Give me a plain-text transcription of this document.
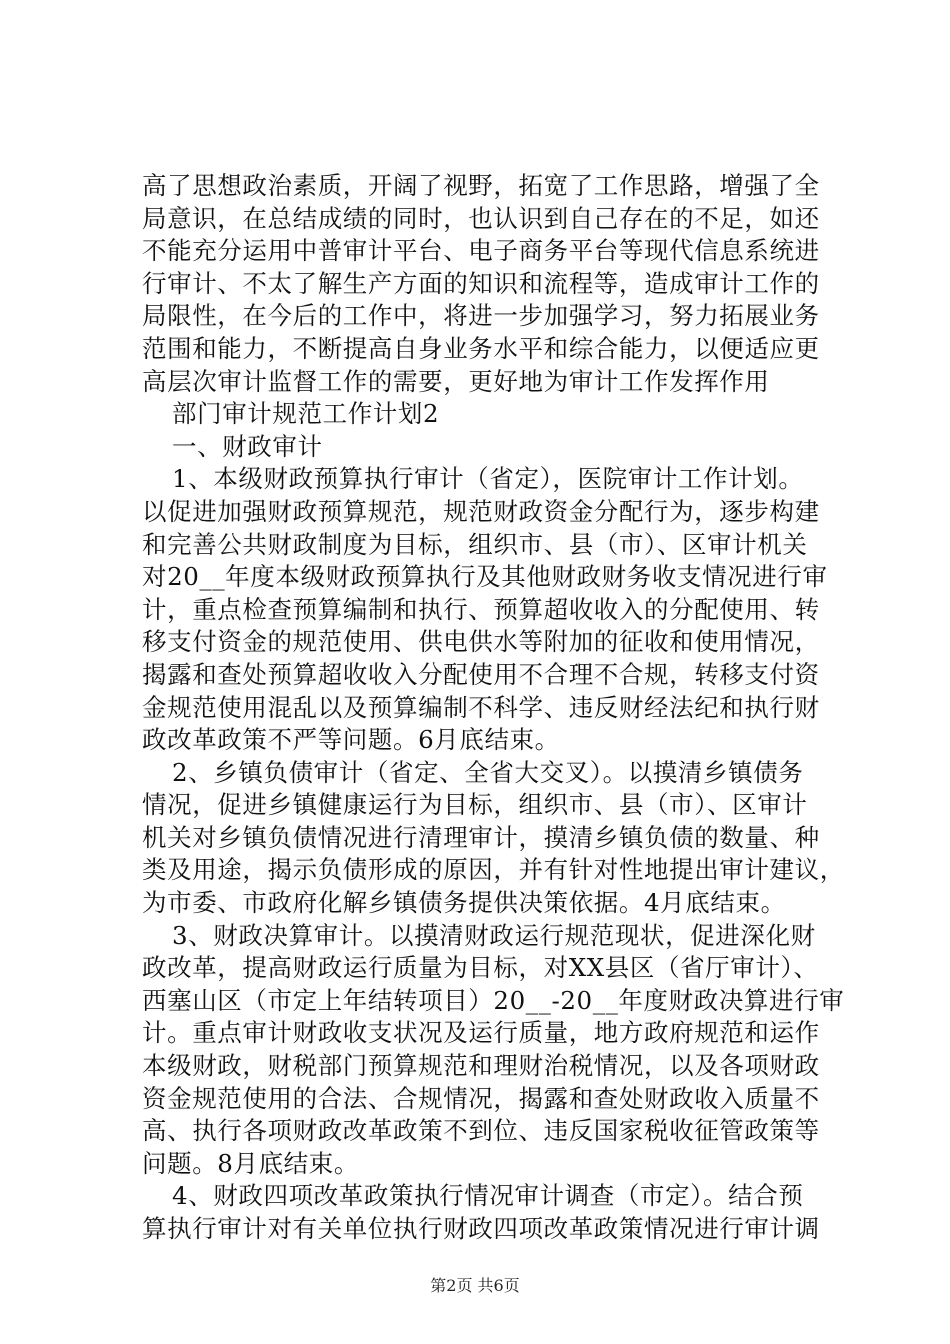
高了思想政治素质，开阔了视野，拓宽了工作思路，增强了全
局意识，在总结成绩的同时，也认识到自己存在的不足，如还
不能充分运用中普审计平台、电子商务平台等现代信息系统进
行审计、不太了解生产方面的知识和流程等，造成审计工作的
局限性，在今后的工作中，将进一步加强学习，努力拓展业务
范围和能力，不断提高自身业务水平和综合能力，以便适应更
高层次审计监督工作的需要，更好地为审计工作发挥作用
部门审计规范工作计划2
一、财政审计
1、本级财政预算执行审计（省定），医院审计工作计划。
以促进加强财政预算规范，规范财政资金分配行为，逐步构建
和完善公共财政制度为目标，组织市、县（市）、区审计机关
对20__年度本级财政预算执行及其他财政财务收支情况进行审
计，重点检查预算编制和执行、预算超收收入的分配使用、转
移支付资金的规范使用、供电供水等附加的征收和使用情况，
揭露和查处预算超收收入分配使用不合理不合规，转移支付资
金规范使用混乱以及预算编制不科学、违反财经法纪和执行财
政改革政策不严等问题。6月底结束。
2、乡镇负债审计（省定、全省大交叉）。以摸清乡镇债务
情况，促进乡镇健康运行为目标，组织市、县（市）、区审计
机关对乡镇负债情况进行清理审计，摸清乡镇负债的数量、种
类及用途，揭示负债形成的原因，并有针对性地提出审计建议，
为市委、市政府化解乡镇债务提供决策依据。4月底结束。
3、财政决算审计。以摸清财政运行规范现状，促进深化财
政改革，提高财政运行质量为目标，对XX县区（省厅审计）、
西塞山区（市定上年结转项目）20__-20__年度财政决算进行审
计。重点审计财政收支状况及运行质量，地方政府规范和运作
本级财政，财税部门预算规范和理财治税情况，以及各项财政
资金规范使用的合法、合规情况，揭露和查处财政收入质量不
高、执行各项财政改革政策不到位、违反国家税收征管政策等
问题。8月底结束。
4、财政四项改革政策执行情况审计调查（市定）。结合预
算执行审计对有关单位执行财政四项改革政策情况进行审计调
第2页 共6页
